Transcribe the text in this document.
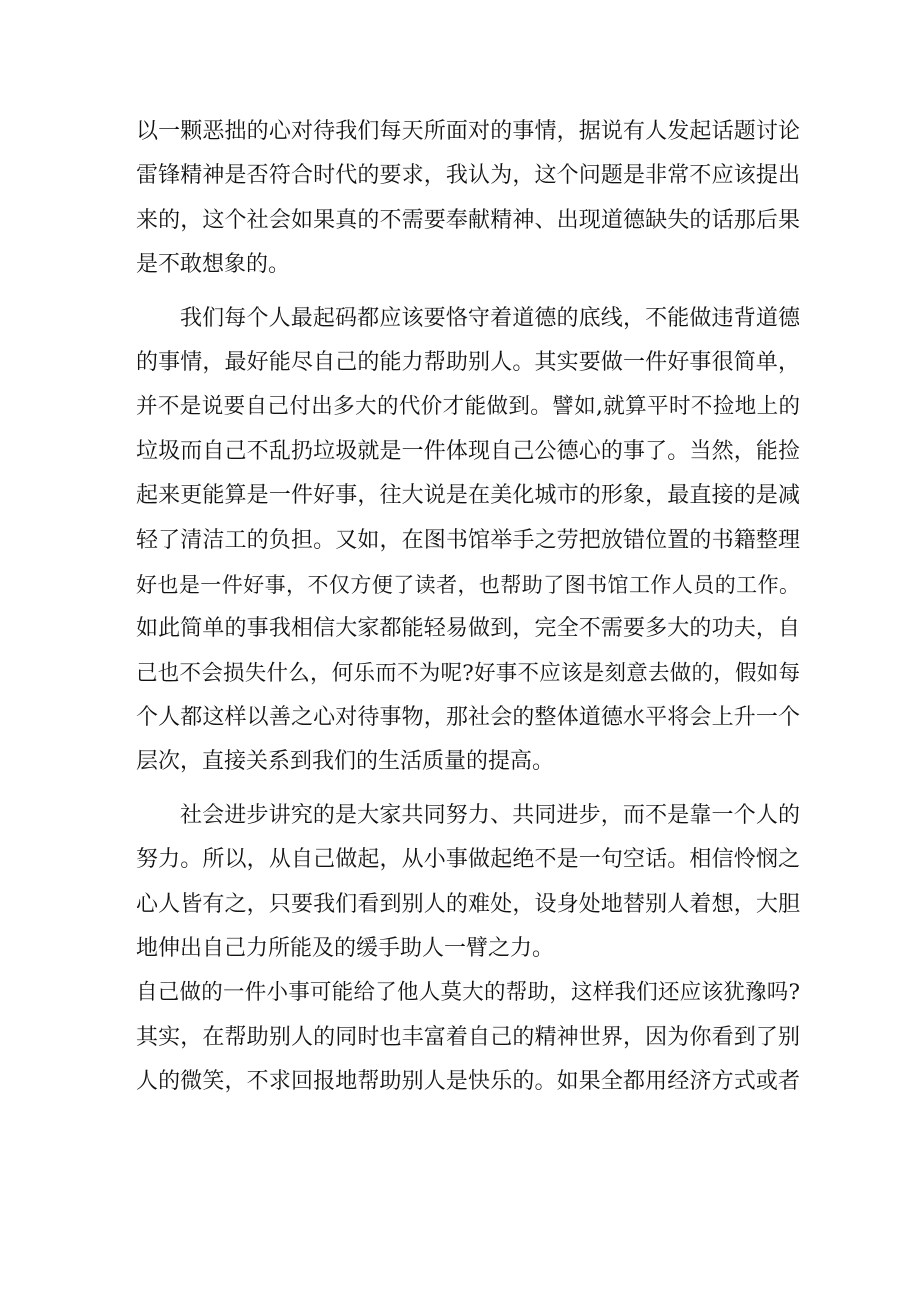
以一颗恶拙的心对待我们每天所面对的事情，据说有人发起话题讨论
雷锋精神是否符合时代的要求，我认为，这个问题是非常不应该提出
来的，这个社会如果真的不需要奉献精神、出现道德缺失的话那后果
是不敢想象的。
我们每个人最起码都应该要恪守着道德的底线，不能做违背道德
的事情，最好能尽自己的能力帮助别人。其实要做一件好事很简单，
并不是说要自己付出多大的代价才能做到。譬如,就算平时不捡地上的
垃圾而自己不乱扔垃圾就是一件体现自己公德心的事了。当然，能捡
起来更能算是一件好事，往大说是在美化城市的形象，最直接的是减
轻了清洁工的负担。又如，在图书馆举手之劳把放错位置的书籍整理
好也是一件好事，不仅方便了读者，也帮助了图书馆工作人员的工作。
如此简单的事我相信大家都能轻易做到，完全不需要多大的功夫，自
己也不会损失什么，何乐而不为呢?好事不应该是刻意去做的，假如每
个人都这样以善之心对待事物，那社会的整体道德水平将会上升一个
层次，直接关系到我们的生活质量的提高。
社会进步讲究的是大家共同努力、共同进步，而不是靠一个人的
努力。所以，从自己做起，从小事做起绝不是一句空话。相信怜悯之
心人皆有之，只要我们看到别人的难处，设身处地替别人着想，大胆
地伸出自己力所能及的缓手助人一臂之力。
自己做的一件小事可能给了他人莫大的帮助，这样我们还应该犹豫吗?
其实，在帮助别人的同时也丰富着自己的精神世界，因为你看到了别
人的微笑，不求回报地帮助别人是快乐的。如果全都用经济方式或者
